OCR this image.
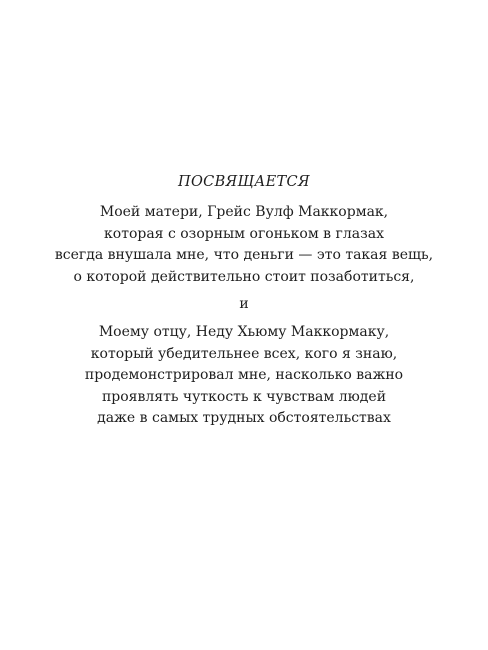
ПОСВЯЩАЕТСЯ

Моей матери, Грейс Вулф Маккормак,
которая с озорным огоньком в глазах
всегда внушала мне, что деньги — это такая вещь,
о которой действительно стоит позаботиться,

и

Моему отцу, Неду Хьюму Маккормаку,
который убедительнее всех, кого я знаю,
продемонстрировал мне, насколько важно
проявлять чуткость к чувствам людей
даже в самых трудных обстоятельствах
